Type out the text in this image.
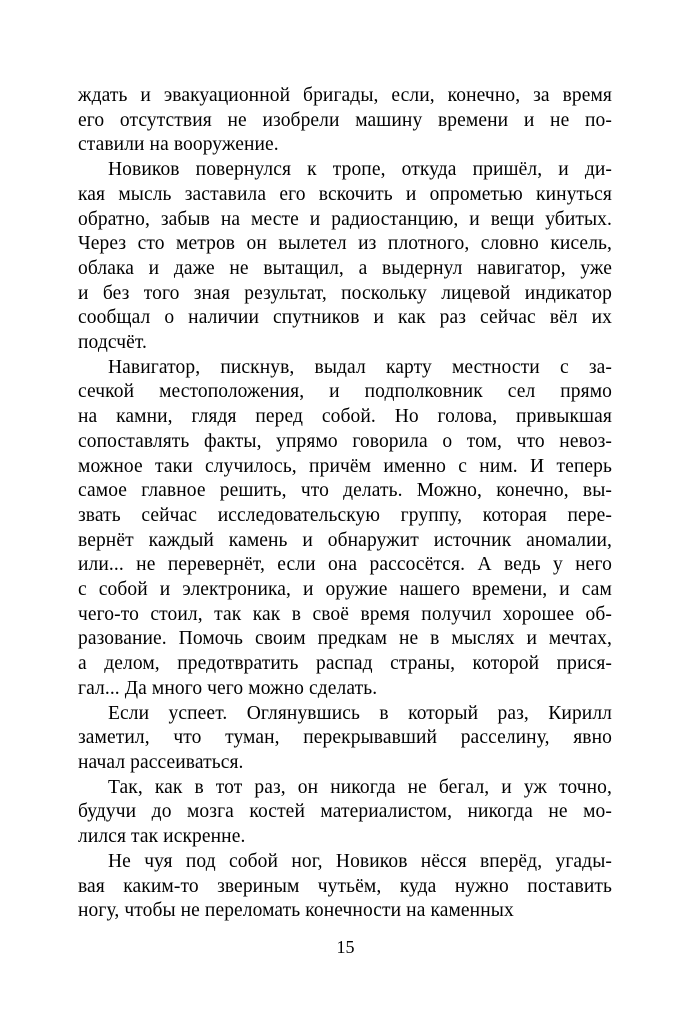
ждать и эвакуационной бригады, если, конечно, за время
его отсутствия не изобрели машину времени и не по-
ставили на вооружение.
Новиков повернулся к тропе, откуда пришёл, и ди-
кая мысль заставила его вскочить и опрометью кинуться
обратно, забыв на месте и радиостанцию, и вещи убитых.
Через сто метров он вылетел из плотного, словно кисель,
облака и даже не вытащил, а выдернул навигатор, уже
и без того зная результат, поскольку лицевой индикатор
сообщал о наличии спутников и как раз сейчас вёл их
подсчёт.
Навигатор, пискнув, выдал карту местности с за-
сечкой местоположения, и подполковник сел прямо
на камни, глядя перед собой. Но голова, привыкшая
сопоставлять факты, упрямо говорила о том, что невоз-
можное таки случилось, причём именно с ним. И теперь
самое главное решить, что делать. Можно, конечно, вы-
звать сейчас исследовательскую группу, которая пере-
вернёт каждый камень и обнаружит источник аномалии,
или... не перевернёт, если она рассосётся. А ведь у него
с собой и электроника, и оружие нашего времени, и сам
чего-то стоил, так как в своё время получил хорошее об-
разование. Помочь своим предкам не в мыслях и мечтах,
а делом, предотвратить распад страны, которой прися-
гал... Да много чего можно сделать.
Если успеет. Оглянувшись в который раз, Кирилл
заметил, что туман, перекрывавший расселину, явно
начал рассеиваться.
Так, как в тот раз, он никогда не бегал, и уж точно,
будучи до мозга костей материалистом, никогда не мо-
лился так искренне.
Не чуя под собой ног, Новиков нёсся вперёд, угады-
вая каким-то звериным чутьём, куда нужно поставить
ногу, чтобы не переломать конечности на каменных
15
